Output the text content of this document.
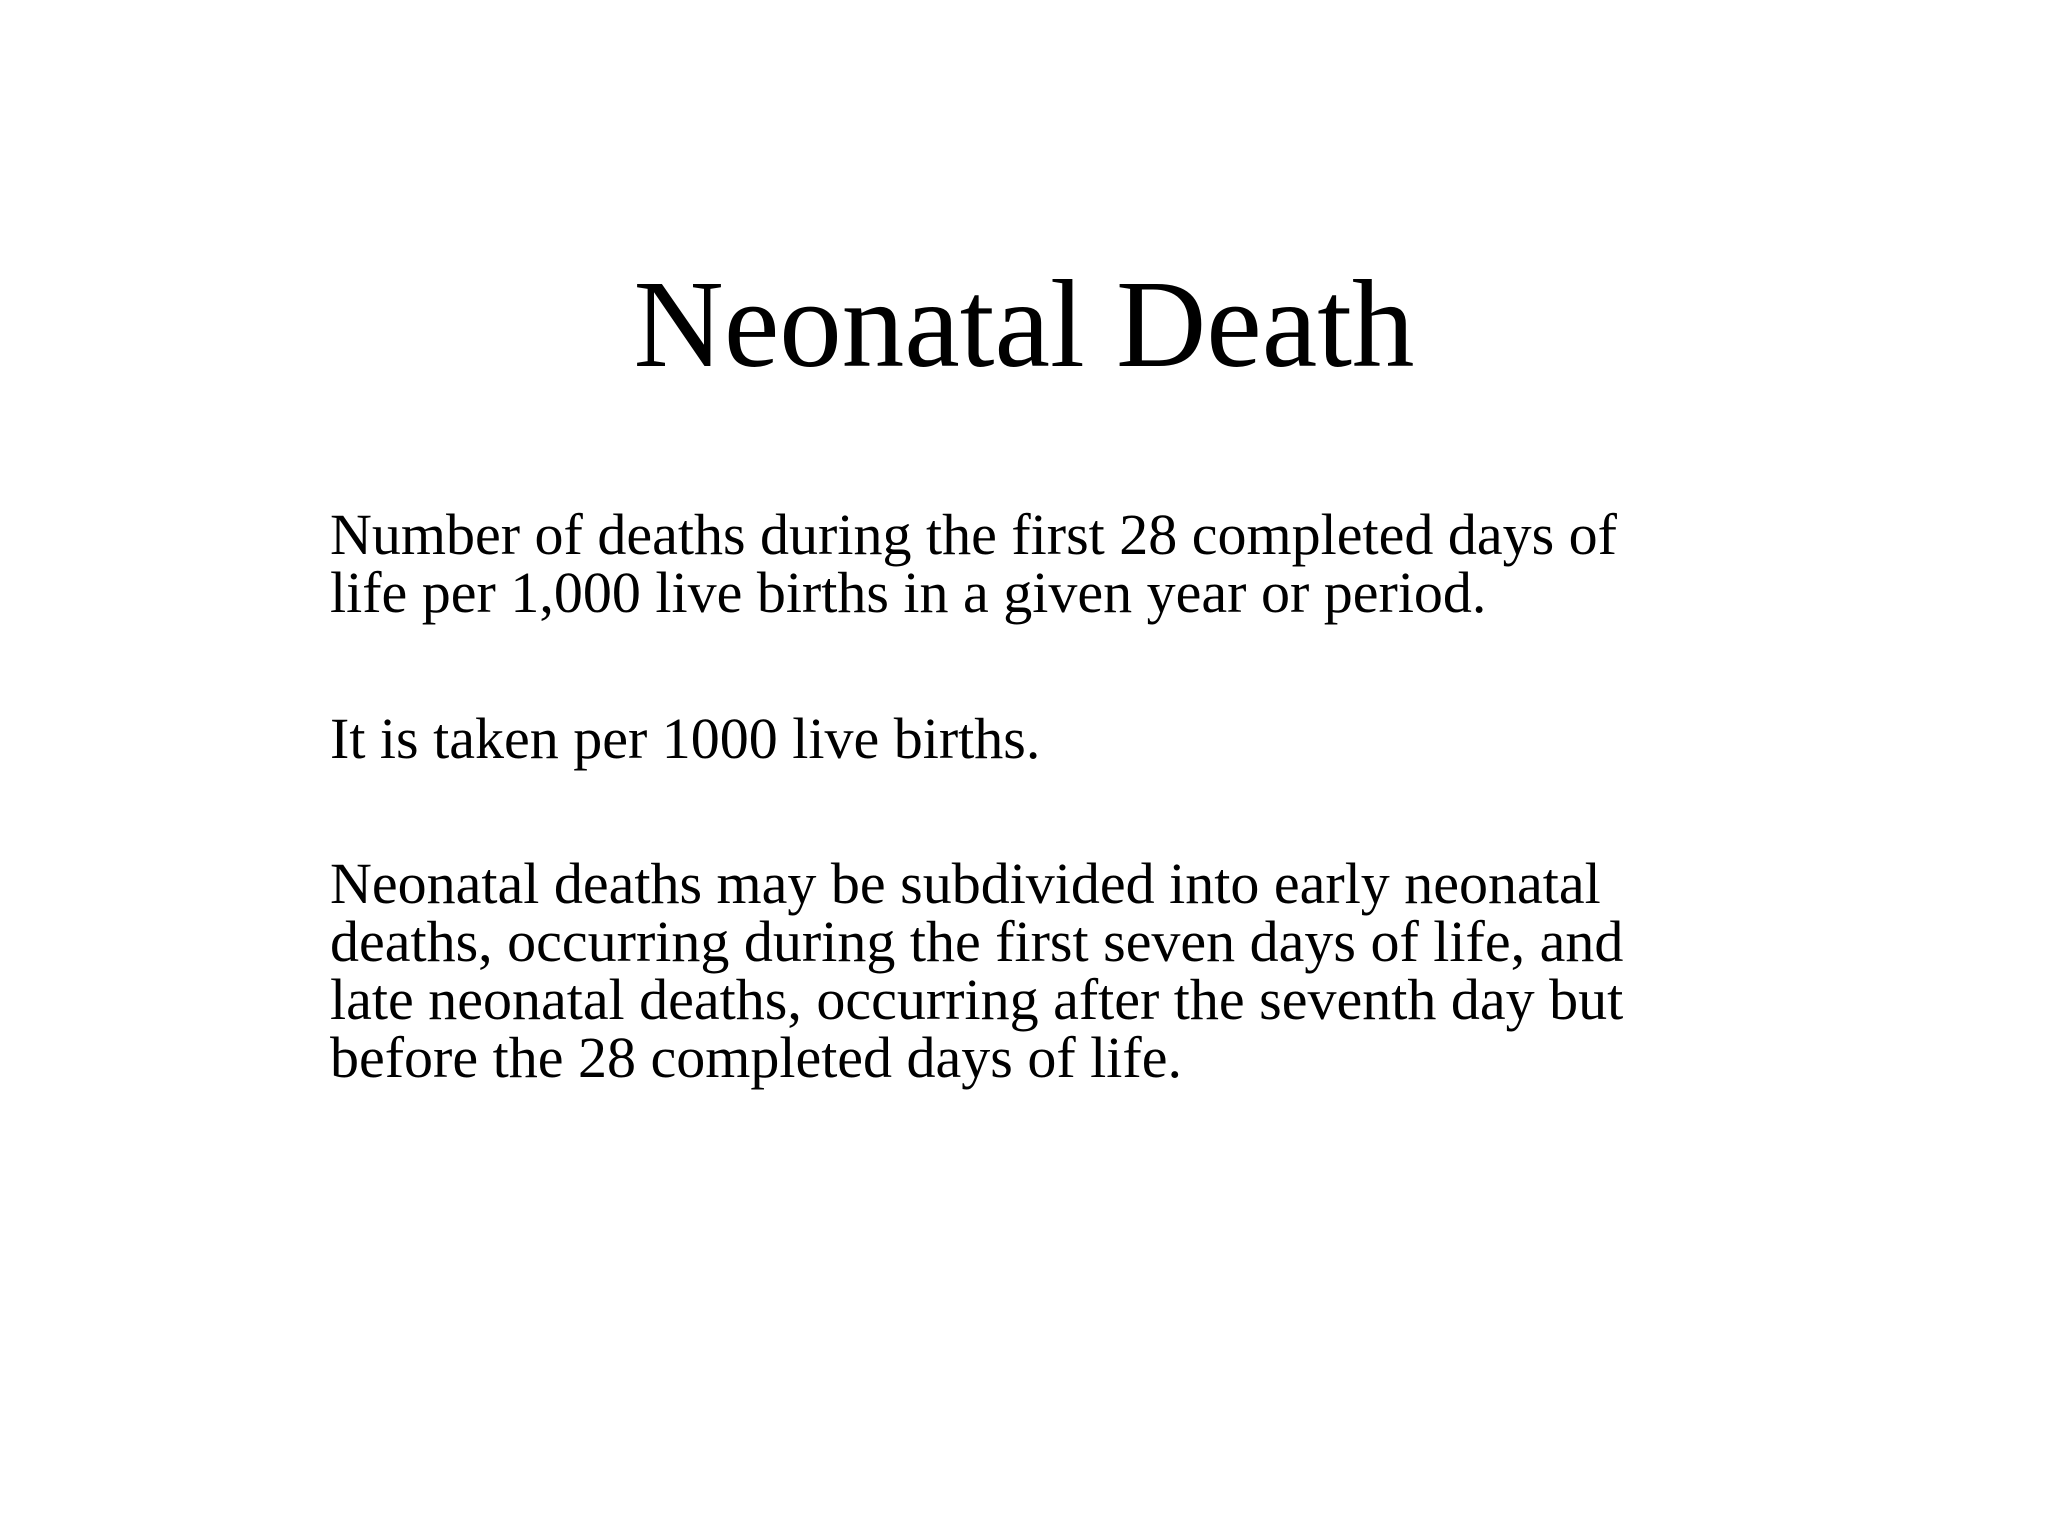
Neonatal Death

Number of deaths during the first 28 completed days of
life per 1,000 live births in a given year or period.

It is taken per 1000 live births.

Neonatal deaths may be subdivided into early neonatal
deaths, occurring during the first seven days of life, and
late neonatal deaths, occurring after the seventh day but
before the 28 completed days of life.
